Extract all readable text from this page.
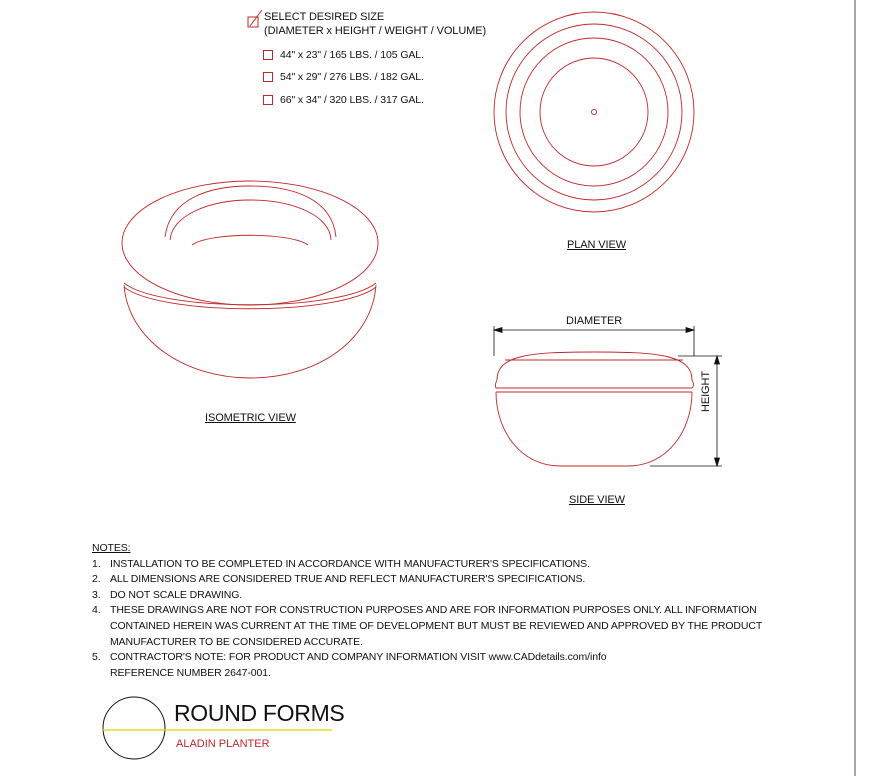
SELECT DESIRED SIZE
(DIAMETER x HEIGHT / WEIGHT / VOLUME)
44" x 23" / 165 LBS. / 105 GAL.
54" x 29" / 276 LBS. / 182 GAL.
66" x 34" / 320 LBS. / 317 GAL.
PLAN VIEW
ISOMETRIC VIEW
SIDE VIEW
DIAMETER
HEIGHT
NOTES:
1. INSTALLATION TO BE COMPLETED IN ACCORDANCE WITH MANUFACTURER'S SPECIFICATIONS.
2. ALL DIMENSIONS ARE CONSIDERED TRUE AND REFLECT MANUFACTURER'S SPECIFICATIONS.
3. DO NOT SCALE DRAWING.
4. THESE DRAWINGS ARE NOT FOR CONSTRUCTION PURPOSES AND ARE FOR INFORMATION PURPOSES ONLY. ALL INFORMATION CONTAINED HEREIN WAS CURRENT AT THE TIME OF DEVELOPMENT BUT MUST BE REVIEWED AND APPROVED BY THE PRODUCT MANUFACTURER TO BE CONSIDERED ACCURATE.
5. CONTRACTOR'S NOTE: FOR PRODUCT AND COMPANY INFORMATION VISIT www.CADdetails.com/info
REFERENCE NUMBER 2647-001.
ROUND FORMS
ALADIN PLANTER
